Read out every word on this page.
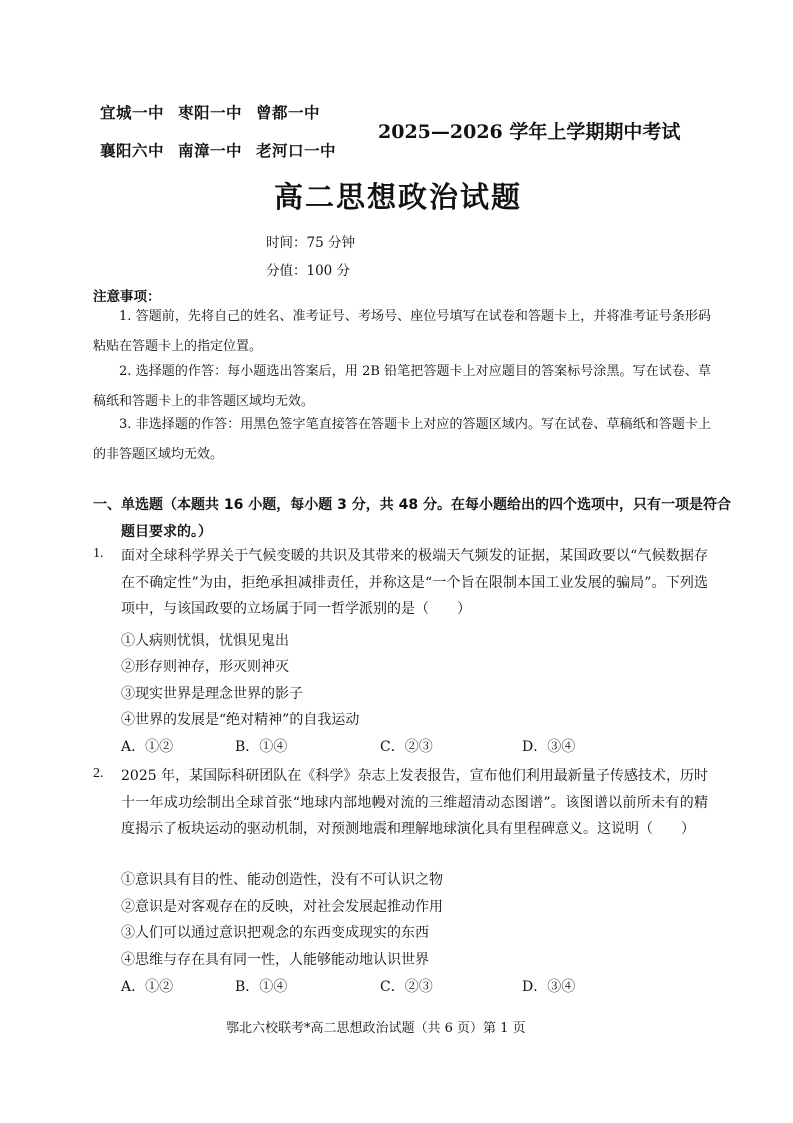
宜城一中 枣阳一中 曾都一中
襄阳六中 南漳一中 老河口一中
2025—2026 学年上学期期中考试
高二思想政治试题
时间：75 分钟
分值：100 分
注意事项：
1. 答题前，先将自己的姓名、准考证号、考场号、座位号填写在试卷和答题卡上，并将准考证号条形码粘贴在答题卡上的指定位置。
2. 选择题的作答：每小题选出答案后，用 2B 铅笔把答题卡上对应题目的答案标号涂黑。写在试卷、草稿纸和答题卡上的非答题区域均无效。
3. 非选择题的作答：用黑色签字笔直接答在答题卡上对应的答题区域内。写在试卷、草稿纸和答题卡上的非答题区域均无效。
一、单选题（本题共 16 小题，每小题 3 分，共 48 分。在每小题给出的四个选项中，只有一项是符合题目要求的。）
1. 面对全球科学界关于气候变暖的共识及其带来的极端天气频发的证据，某国政要以“气候数据存在不确定性”为由，拒绝承担减排责任，并称这是“一个旨在限制本国工业发展的骗局”。下列选项中，与该国政要的立场属于同一哲学派别的是（　　）
①人病则忧惧，忧惧见鬼出
②形存则神存，形灭则神灭
③现实世界是理念世界的影子
④世界的发展是“绝对精神”的自我运动
A．①②	B．①④	C．②③	D．③④
2. 2025 年，某国际科研团队在《科学》杂志上发表报告，宣布他们利用最新量子传感技术，历时十一年成功绘制出全球首张“地球内部地幔对流的三维超清动态图谱”。该图谱以前所未有的精度揭示了板块运动的驱动机制，对预测地震和理解地球演化具有里程碑意义。这说明（　　）
①意识具有目的性、能动创造性，没有不可认识之物
②意识是对客观存在的反映，对社会发展起推动作用
③人们可以通过意识把观念的东西变成现实的东西
④思维与存在具有同一性，人能够能动地认识世界
A．①②	B．①④	C．②③	D．③④
鄂北六校联考*高二思想政治试题（共 6 页）第 1 页
